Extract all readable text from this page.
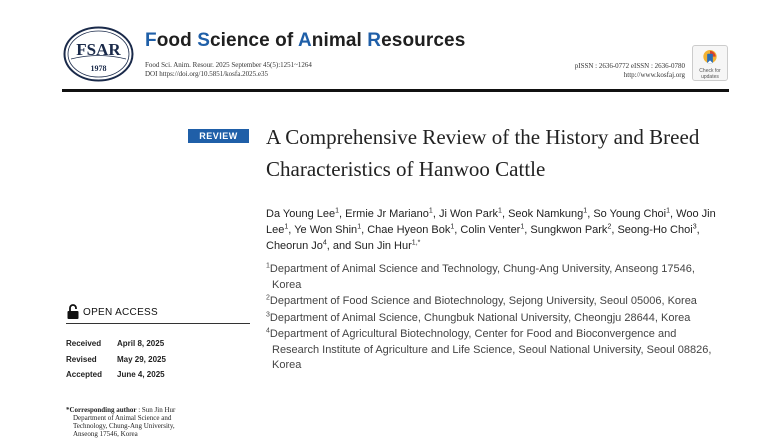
FSAR
1978
Food Science of Animal Resources
Food Sci. Anim. Resour. 2025 September 45(5):1251~1264
DOI https://doi.org/10.5851/kosfa.2025.e35
pISSN : 2636-0772 eISSN : 2636-0780
http://www.kosfaj.org	Check for
updates
REVIEW	A Comprehensive Review of the History and Breed
Characteristics of Hanwoo Cattle
Da Young Lee$^1$, Ermie Jr Mariano$^1$, Ji Won Park$^1$, Seok Namkung$^1$, So Young Choi$^1$, Woo Jin Lee$^1$, Ye Won Shin$^1$, Chae Hyeon Bok$^1$, Colin Venter$^1$, Sungkwon Park$^2$, Seong-Ho Choi$^3$, Cheorun Jo$^4$, and Sun Jin Hur$^{1,*}$
$^1$Department of Animal Science and Technology, Chung-Ang University, Anseong 17546, Korea
$^2$Department of Food Science and Biotechnology, Sejong University, Seoul 05006, Korea
$^3$Department of Animal Science, Chungbuk National University, Cheongju 28644, Korea
$^4$Department of Agricultural Biotechnology, Center for Food and Bioconvergence and Research Institute of Agriculture and Life Science, Seoul National University, Seoul 08826, Korea
OPEN ACCESS
Received	April 8, 2025
Revised	May 29, 2025
Accepted	June 4, 2025
*Corresponding author : Sun Jin Hur
Department of Animal Science and
Technology, Chung-Ang University,
Anseong 17546, Korea
